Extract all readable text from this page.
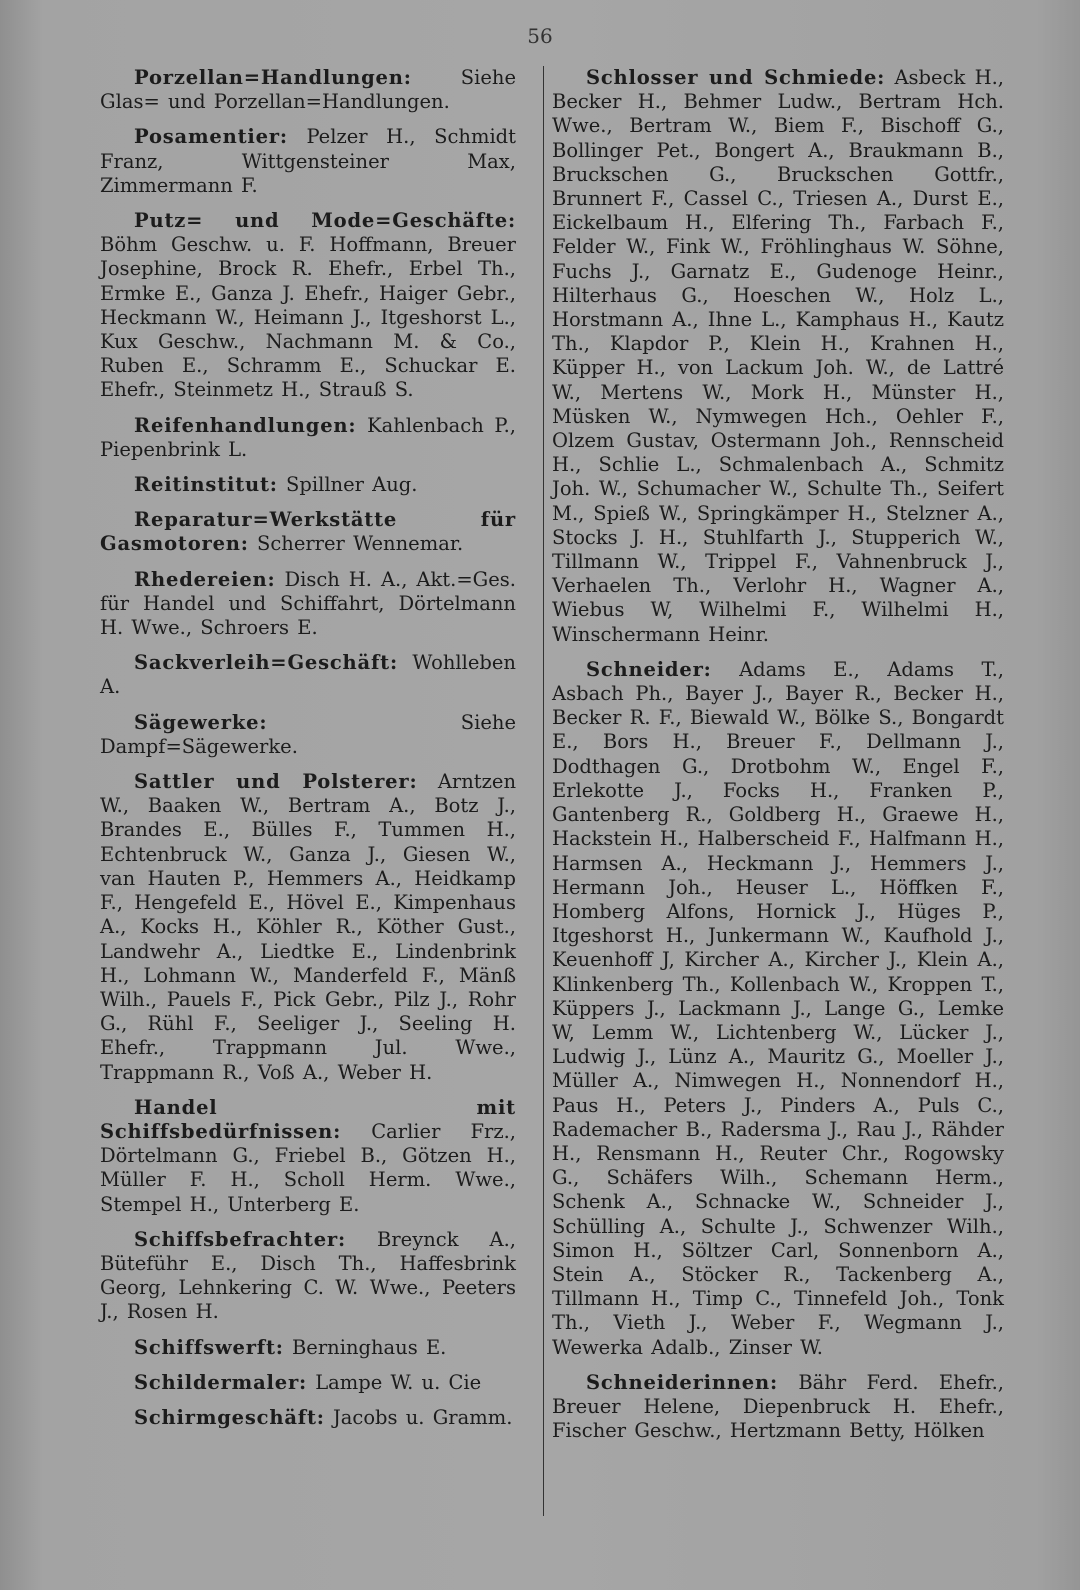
56
Porzellan=Handlungen:	Siehe Glas= und Porzellan=Handlungen.
Posamentier: Pelzer H., Schmidt Franz, Wittgensteiner Max, Zimmermann F.
Putz= und Mode=Geschäfte: Böhm Geschw. u. F. Hoffmann, Breuer Josephine, Brock R. Ehefr., Erbel Th., Ermke E., Ganza J. Ehefr., Haiger Gebr., Heckmann W., Heimann J., Itgeshorst L., Kux Geschw., Nachmann M. & Co., Ruben E., Schramm E., Schuckar E. Ehefr., Steinmetz H., Strauß S.
Reifenhandlungen: Kahlenbach P., Piepenbrink L.
Reitinstitut: Spillner Aug.
Reparatur=Werkstätte für Gasmotoren: Scherrer Wennemar.
Rhedereien: Disch H. A., Akt.=Ges. für Handel und Schiffahrt, Dörtelmann H. Wwe., Schroers E.
Sackverleih=Geschäft: Wohlleben A.
Sägewerke:	Siehe Dampf=Sägewerke.
Sattler und Polsterer: Arntzen W., Baaken W., Bertram A., Botz J., Brandes E., Bülles F., Tummen H., Echtenbruck W., Ganza J., Giesen W., van Hauten P., Hemmers A., Heidkamp F., Hengefeld E., Hövel E., Kimpenhaus A., Kocks H., Köhler R., Köther Gust., Landwehr A., Liedtke E., Lindenbrink H., Lohmann W., Manderfeld F., Mänß Wilh., Pauels F., Pick Gebr., Pilz J., Rohr G., Rühl F., Seeliger J., Seeling H. Ehefr., Trappmann Jul. Wwe., Trappmann R., Voß A., Weber H.
Handel mit Schiffsbedürfnissen: Carlier Frz., Dörtelmann G., Friebel B., Götzen H., Müller F. H., Scholl Herm. Wwe., Stempel H., Unterberg E.
Schiffsbefrachter: Breynck A., Büteführ E., Disch Th., Haffesbrink Georg, Lehnkering C. W. Wwe., Peeters J., Rosen H.
Schiffswerft: Berninghaus E.
Schildermaler: Lampe W. u. Cie
Schirmgeschäft: Jacobs u. Gramm.
Schlosser und Schmiede: Asbeck H., Becker H., Behmer Ludw., Bertram Hch. Wwe., Bertram W., Biem F., Bischoff G., Bollinger Pet., Bongert A., Braukmann B., Bruckschen G., Bruckschen Gottfr., Brunnert F., Cassel C., Triesen A., Durst E., Eickelbaum H., Elfering Th., Farbach F., Felder W., Fink W., Fröhlinghaus W. Söhne, Fuchs J., Garnatz E., Gudenoge Heinr., Hilterhaus G., Hoeschen W., Holz L., Horstmann A., Ihne L., Kamphaus H., Kautz Th., Klapdor P., Klein H., Krahnen H., Küpper H., von Lackum Joh. W., de Lattré W., Mertens W., Mork H., Münster H., Müsken W., Nymwegen Hch., Oehler F., Olzem Gustav, Ostermann Joh., Rennscheid H., Schlie L., Schmalenbach A., Schmitz Joh. W., Schumacher W., Schulte Th., Seifert M., Spieß W., Springkämper H., Stelzner A., Stocks J. H., Stuhlfarth J., Stupperich W., Tillmann W., Trippel F., Vahnenbruck J., Verhaelen Th., Verlohr H., Wagner A., Wiebus W, Wilhelmi F., Wilhelmi H., Winschermann Heinr.
Schneider: Adams E., Adams T., Asbach Ph., Bayer J., Bayer R., Becker H., Becker R. F., Biewald W., Bölke S., Bongardt E., Bors H., Breuer F., Dellmann J., Dodthagen G., Drotbohm W., Engel F., Erlekotte J., Focks H., Franken P., Gantenberg R., Goldberg H., Graewe H., Hackstein H., Halberscheid F., Halfmann H., Harmsen A., Heckmann J., Hemmers J., Hermann Joh., Heuser L., Höffken F., Homberg Alfons, Hornick J., Hüges P., Itgeshorst H., Junkermann W., Kaufhold J., Keuenhoff J, Kircher A., Kircher J., Klein A., Klinkenberg Th., Kollenbach W., Kroppen T., Küppers J., Lackmann J., Lange G., Lemke W, Lemm W., Lichtenberg W., Lücker J., Ludwig J., Lünz A., Mauritz G., Moeller J., Müller A., Nimwegen H., Nonnendorf H., Paus H., Peters J., Pinders A., Puls C., Rademacher B., Radersma J., Rau J., Rähder H., Rensmann H., Reuter Chr., Rogowsky G., Schäfers Wilh., Schemann Herm., Schenk A., Schnacke W., Schneider J., Schülling A., Schulte J., Schwenzer Wilh., Simon H., Söltzer Carl, Sonnenborn A., Stein A., Stöcker R., Tackenberg A., Tillmann H., Timp C., Tinnefeld Joh., Tonk Th., Vieth J., Weber F., Wegmann J., Wewerka Adalb., Zinser W.
Schneiderinnen: Bähr Ferd. Ehefr., Breuer Helene, Diepenbruck H. Ehefr., Fischer Geschw., Hertzmann Betty, Hölken
